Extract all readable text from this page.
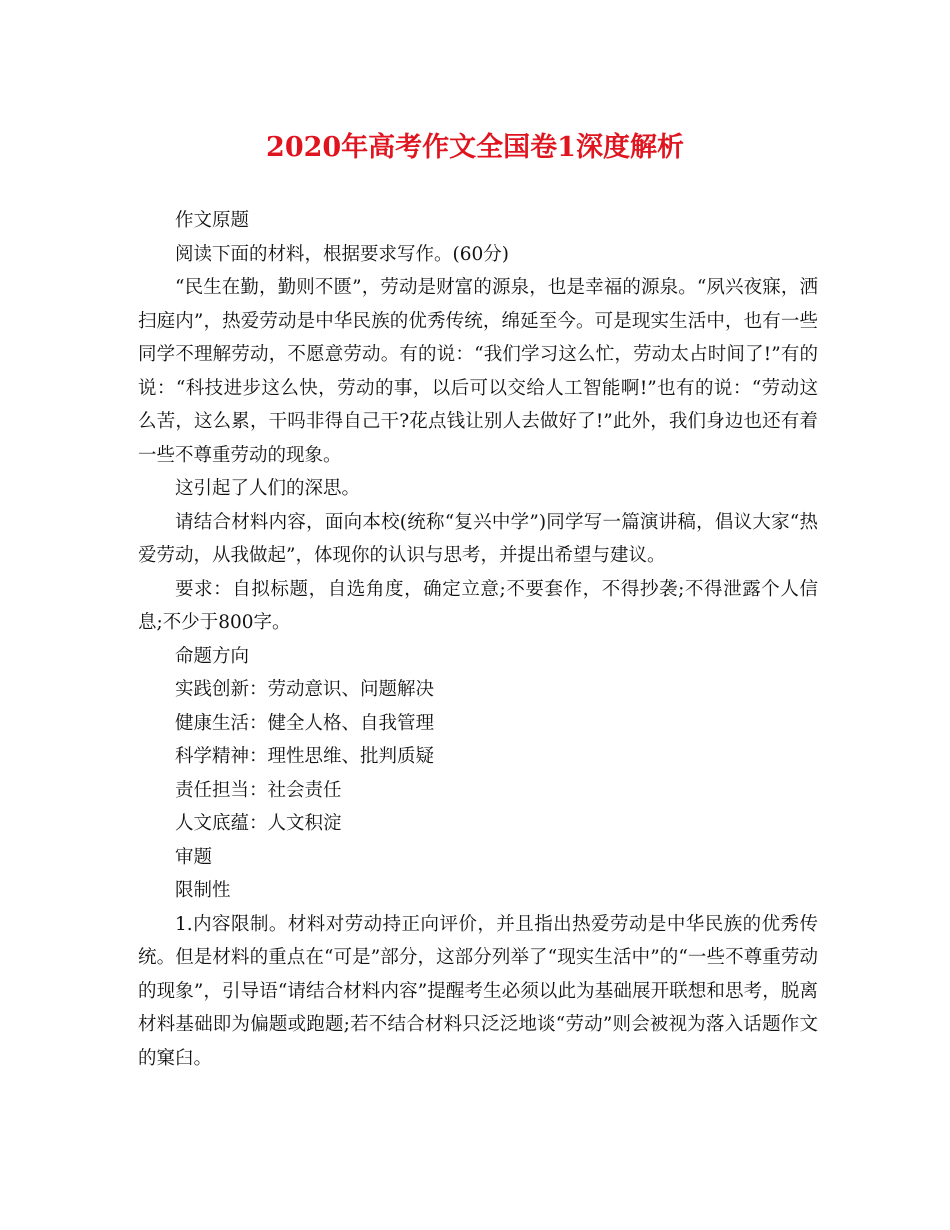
2020年高考作文全国卷1深度解析

作文原题

阅读下面的材料，根据要求写作。(60分)

“民生在勤，勤则不匮”，劳动是财富的源泉，也是幸福的源泉。“夙兴夜寐，洒扫庭内”，热爱劳动是中华民族的优秀传统，绵延至今。可是现实生活中，也有一些同学不理解劳动，不愿意劳动。有的说：“我们学习这么忙，劳动太占时间了!”有的说：“科技进步这么快，劳动的事，以后可以交给人工智能啊!”也有的说：“劳动这么苦，这么累，干吗非得自己干?花点钱让别人去做好了!”此外，我们身边也还有着一些不尊重劳动的现象。

这引起了人们的深思。

请结合材料内容，面向本校(统称“复兴中学”)同学写一篇演讲稿，倡议大家“热爱劳动，从我做起”，体现你的认识与思考，并提出希望与建议。

要求：自拟标题，自选角度，确定立意;不要套作，不得抄袭;不得泄露个人信息;不少于800字。

命题方向

实践创新：劳动意识、问题解决

健康生活：健全人格、自我管理

科学精神：理性思维、批判质疑

责任担当：社会责任

人文底蕴：人文积淀

审题

限制性

1.内容限制。材料对劳动持正向评价，并且指出热爱劳动是中华民族的优秀传统。但是材料的重点在“可是”部分，这部分列举了“现实生活中”的“一些不尊重劳动的现象”，引导语“请结合材料内容”提醒考生必须以此为基础展开联想和思考，脱离材料基础即为偏题或跑题;若不结合材料只泛泛地谈“劳动”则会被视为落入话题作文的窠臼。
